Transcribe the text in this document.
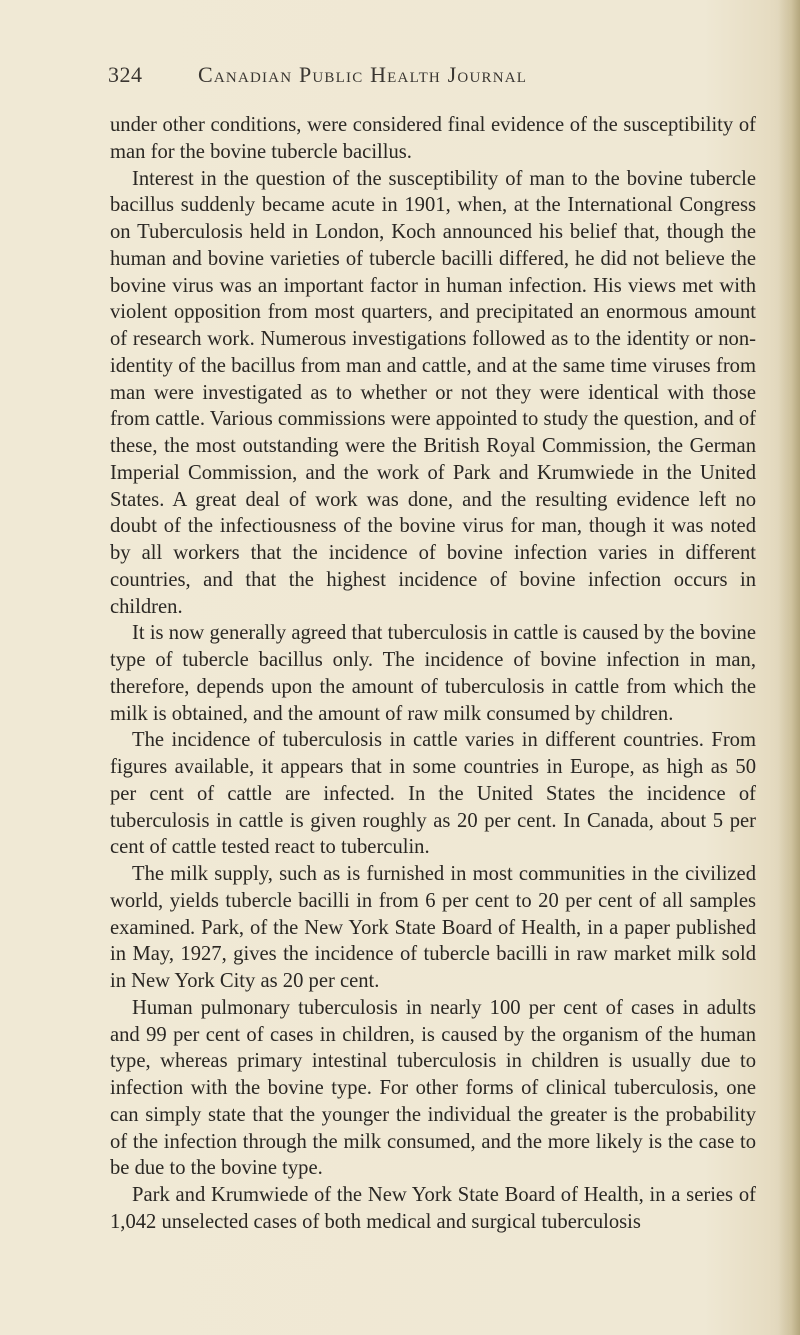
324	Canadian Public Health Journal

under other conditions, were considered final evidence of the susceptibility of man for the bovine tubercle bacillus.

Interest in the question of the susceptibility of man to the bovine tubercle bacillus suddenly became acute in 1901, when, at the International Congress on Tuberculosis held in London, Koch announced his belief that, though the human and bovine varieties of tubercle bacilli differed, he did not believe the bovine virus was an important factor in human infection. His views met with violent opposition from most quarters, and precipitated an enormous amount of research work. Numerous investigations followed as to the identity or non-identity of the bacillus from man and cattle, and at the same time viruses from man were investigated as to whether or not they were identical with those from cattle. Various commissions were appointed to study the question, and of these, the most outstanding were the British Royal Commission, the German Imperial Commission, and the work of Park and Krumwiede in the United States. A great deal of work was done, and the resulting evidence left no doubt of the infectiousness of the bovine virus for man, though it was noted by all workers that the incidence of bovine infection varies in different countries, and that the highest incidence of bovine infection occurs in children.

It is now generally agreed that tuberculosis in cattle is caused by the bovine type of tubercle bacillus only. The incidence of bovine infection in man, therefore, depends upon the amount of tuberculosis in cattle from which the milk is obtained, and the amount of raw milk consumed by children.

The incidence of tuberculosis in cattle varies in different countries. From figures available, it appears that in some countries in Europe, as high as 50 per cent of cattle are infected. In the United States the incidence of tuberculosis in cattle is given roughly as 20 per cent. In Canada, about 5 per cent of cattle tested react to tuberculin.

The milk supply, such as is furnished in most communities in the civilized world, yields tubercle bacilli in from 6 per cent to 20 per cent of all samples examined. Park, of the New York State Board of Health, in a paper published in May, 1927, gives the incidence of tubercle bacilli in raw market milk sold in New York City as 20 per cent.

Human pulmonary tuberculosis in nearly 100 per cent of cases in adults and 99 per cent of cases in children, is caused by the organism of the human type, whereas primary intestinal tuberculosis in children is usually due to infection with the bovine type. For other forms of clinical tuberculosis, one can simply state that the younger the individual the greater is the probability of the infection through the milk consumed, and the more likely is the case to be due to the bovine type.

Park and Krumwiede of the New York State Board of Health, in a series of 1,042 unselected cases of both medical and surgical tuberculosis
